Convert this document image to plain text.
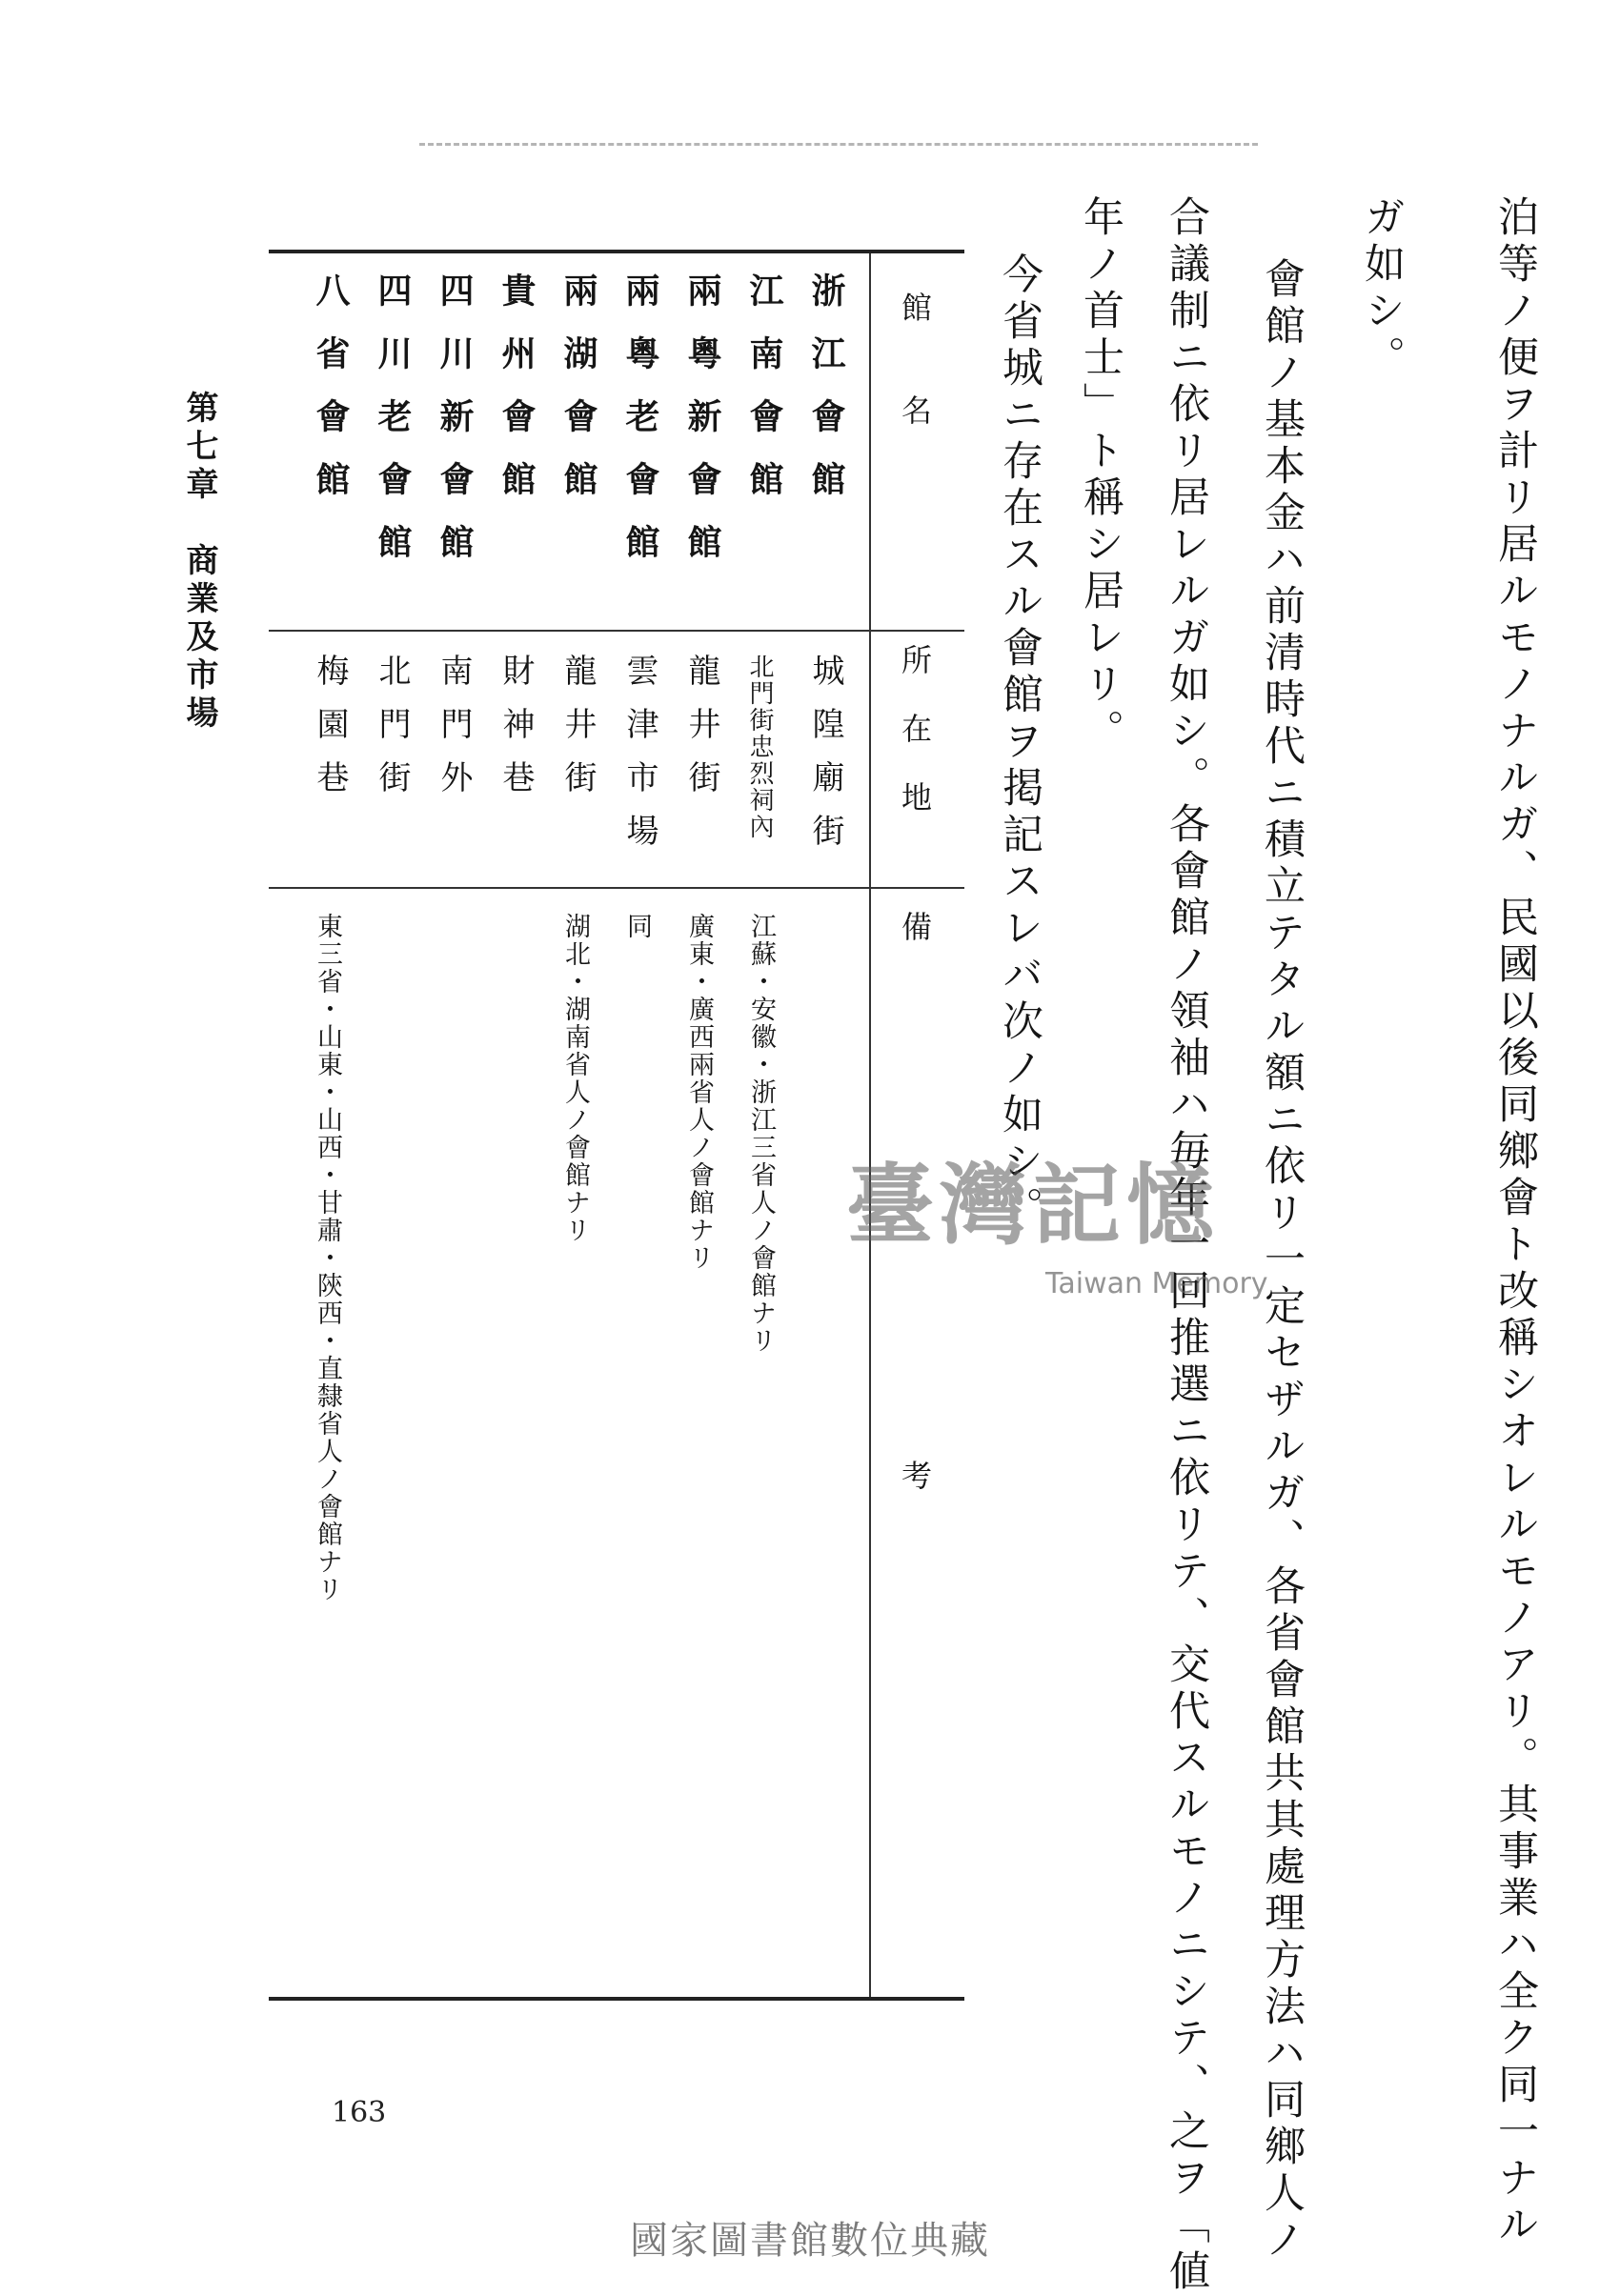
泊等ノ便ヲ計リ居ルモノナルガ、民國以後同鄉會ト改稱シオレルモノアリ。其事業ハ全ク同一ナル
ガ如シ。
會館ノ基本金ハ前清時代ニ積立テタル額ニ依リ一定セザルガ、各省會館共其處理方法ハ同鄉人ノ
合議制ニ依リ居レルガ如シ。各會館ノ領袖ハ毎年一回推選ニ依リテ、交代スルモノニシテ、之ヲ「値
年ノ首士」ト稱シ居レリ。
今省城ニ存在スル會館ヲ掲記スレバ次ノ如シ。
館　　名
所　在　地
備　　　　　　　　　　　　　　　考
浙江會館
城隍廟街
江南會館
北門街忠烈祠內
江蘇・安徽・浙江三省人ノ會館ナリ
兩粵新會館
龍井街
廣東・廣西兩省人ノ會館ナリ
兩粵老會館
雲津市場
同
兩湖會館
龍井街
湖北・湖南省人ノ會館ナリ
貴州會館
財神巷
四川新會館
南門外
四川老會館
北門街
八省會館
梅園巷
東三省・山東・山西・甘肅・陝西・直隸省人ノ會館ナリ
第七章　商業及市場
163
臺灣記憶
Taiwan Memory
國家圖書館數位典藏
